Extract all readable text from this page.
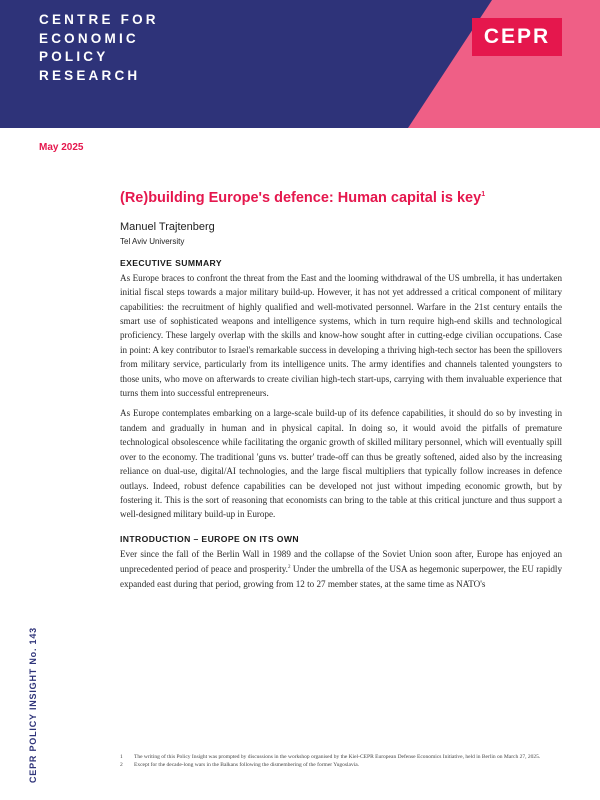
CENTRE FOR
ECONOMIC
POLICY
RESEARCH
CEPR
May 2025
(Re)building Europe's defence: Human capital is key$^1$

Manuel Trajtenberg

Tel Aviv University

EXECUTIVE SUMMARY

As Europe braces to confront the threat from the East and the looming withdrawal of the US umbrella, it has undertaken initial fiscal steps towards a major military build-up. However, it has not yet addressed a critical component of military capabilities: the recruitment of highly qualified and well-motivated personnel. Warfare in the 21st century entails the smart use of sophisticated weapons and intelligence systems, which in turn require high-end skills and technological proficiency. These largely overlap with the skills and know-how sought after in cutting-edge civilian occupations. Case in point: A key contributor to Israel's remarkable success in developing a thriving high-tech sector has been the spillovers from military service, particularly from its intelligence units. The army identifies and channels talented youngsters to those units, who move on afterwards to create civilian high-tech start-ups, carrying with them invaluable experience that turns them into successful entrepreneurs.

As Europe contemplates embarking on a large-scale build-up of its defence capabilities, it should do so by investing in tandem and gradually in human and in physical capital. In doing so, it would avoid the pitfalls of premature technological obsolescence while facilitating the organic growth of skilled military personnel, which will eventually spill over to the economy. The traditional 'guns vs. butter' trade-off can thus be greatly softened, aided also by the increasing reliance on dual-use, digital/AI technologies, and the large fiscal multipliers that typically follow increases in defence outlays. Indeed, robust defence capabilities can be developed not just without impeding economic growth, but by fostering it. This is the sort of reasoning that economists can bring to the table at this critical juncture and thus support a well-designed military build-up in Europe.

INTRODUCTION – EUROPE ON ITS OWN

Ever since the fall of the Berlin Wall in 1989 and the collapse of the Soviet Union soon after, Europe has enjoyed an unprecedented period of peace and prosperity.$^2$ Under the umbrella of the USA as hegemonic superpower, the EU rapidly expanded east during that period, growing from 12 to 27 member states, at the same time as NATO's

CEPR POLICY INSIGHT No. 143	1	The writing of this Policy Insight was prompted by discussions in the workshop organised by the Kiel-CEPR European Defense Economics Initiative, held in Berlin on March 27, 2025.
2	Except for the decade-long wars in the Balkans following the dismembering of the former Yugoslavia.
